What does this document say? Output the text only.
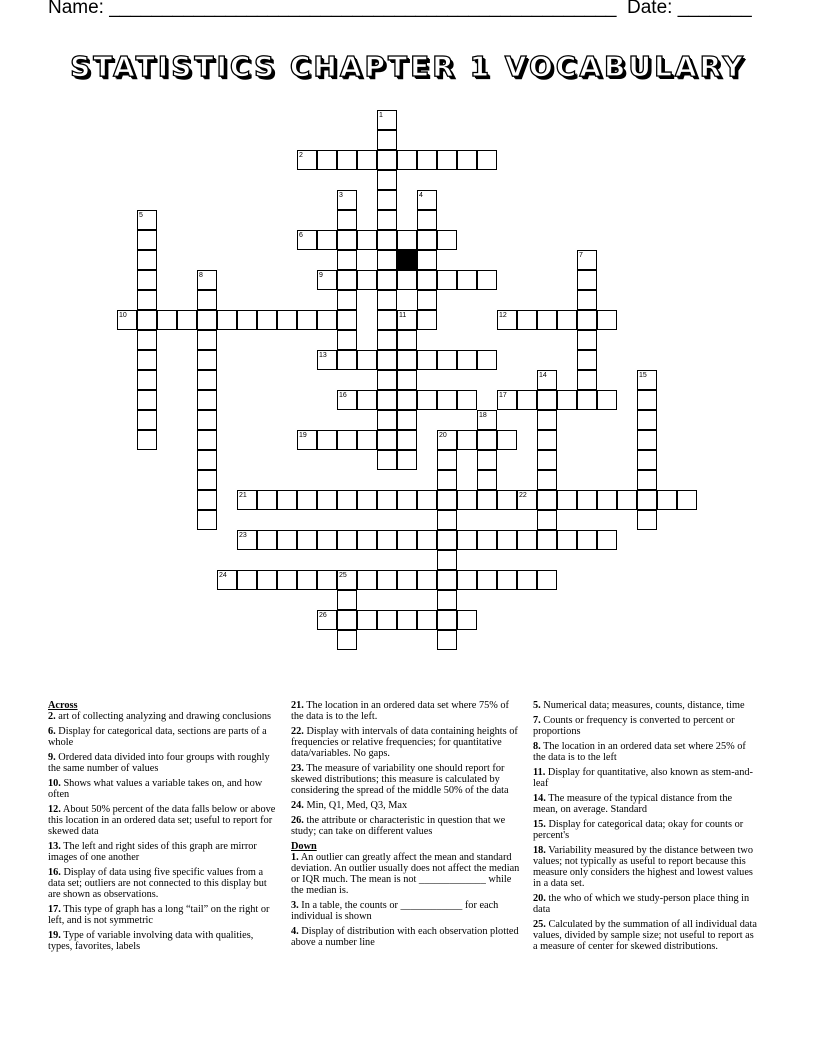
Name: ________________________________________________ Date: _______
STATISTICS CHAPTER 1 VOCABULARY
1
2
3	4
5
6
7
8	9
10	11	12
13
14	15
16	17
18
19	20
21	22
23
24	25
26
Across
2. art of collecting analyzing and drawing conclusions
6. Display for categorical data, sections are parts of a whole
9. Ordered data divided into four groups with roughly the same number of values
10. Shows what values a variable takes on, and how often
12. About 50% percent of the data falls below or above this location in an ordered data set; useful to report for skewed data
13. The left and right sides of this graph are mirror images of one another
16. Display of data using five specific values from a data set; outliers are not connected to this display but are shown as observations.
17. This type of graph has a long “tail” on the right or left, and is not symmetric
19. Type of variable involving data with qualities, types, favorites, labels
21. The location in an ordered data set where 75% of the data is to the left.
22. Display with intervals of data containing heights of frequencies or relative frequencies; for quantitative data/variables. No gaps.
23. The measure of variability one should report for skewed distributions; this measure is calculated by considering the spread of the middle 50% of the data
24. Min, Q1, Med, Q3, Max
26. the attribute or characteristic in question that we study; can take on different values
Down
1. An outlier can greatly affect the mean and standard deviation. An outlier usually does not affect the median or IQR much. The mean is not _____________ while the median is.
3. In a table, the counts or ____________ for each individual is shown
4. Display of distribution with each observation plotted above a number line
5. Numerical data; measures, counts, distance, time
7. Counts or frequency is converted to percent or proportions
8. The location in an ordered data set where 25% of the data is to the left
11. Display for quantitative, also known as stem-and-leaf
14. The measure of the typical distance from the mean, on average. Standard
15. Display for categorical data; okay for counts or percent's
18. Variability measured by the distance between two values; not typically as useful to report because this measure only considers the highest and lowest values in a data set.
20. the who of which we study-person place thing in data
25. Calculated by the summation of all individual data values, divided by sample size; not useful to report as a measure of center for skewed distributions.
